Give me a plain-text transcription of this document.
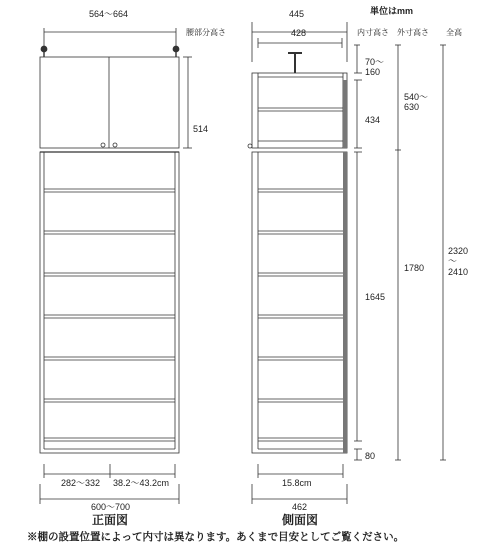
単位はmm
腰部分高さ	内寸高さ 外寸高さ 全高
564〜664
514
282〜332 38.2〜43.2cm
600〜700
正面図
445
428
70〜
160
434
1645
80
15.8cm
462
側面図
540〜
630
1780
2320
〜
2410
※棚の設置位置によって内寸は異なります。あくまで目安としてご覧ください。
